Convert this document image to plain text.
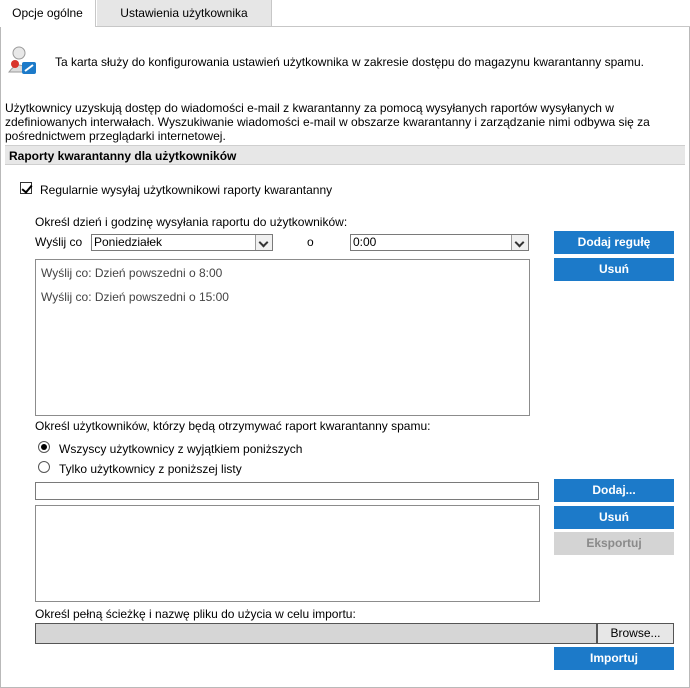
Opcje ogólne	Ustawienia użytkownika
Ta karta służy do konfigurowania ustawień użytkownika w zakresie dostępu do magazynu kwarantanny spamu.
Użytkownicy uzyskują dostęp do wiadomości e-mail z kwarantanny za pomocą wysyłanych raportów wysyłanych w
zdefiniowanych interwałach. Wyszukiwanie wiadomości e-mail w obszarze kwarantanny i zarządzanie nimi odbywa się za
pośrednictwem przeglądarki internetowej.
Raporty kwarantanny dla użytkowników
Regularnie wysyłaj użytkownikowi raporty kwarantanny
Określ dzień i godzinę wysyłania raportu do użytkowników:
Wyślij co Poniedziałek	o	0:00	Dodaj regułę
Usuń
Wyślij co: Dzień powszedni o 8:00
Wyślij co: Dzień powszedni o 15:00
Określ użytkowników, którzy będą otrzymywać raport kwarantanny spamu:
Wszyscy użytkownicy z wyjątkiem poniższych
Tylko użytkownicy z poniższej listy
Dodaj...
Usuń
Eksportuj
Określ pełną ścieżkę i nazwę pliku do użycia w celu importu:
Browse...
Importuj
